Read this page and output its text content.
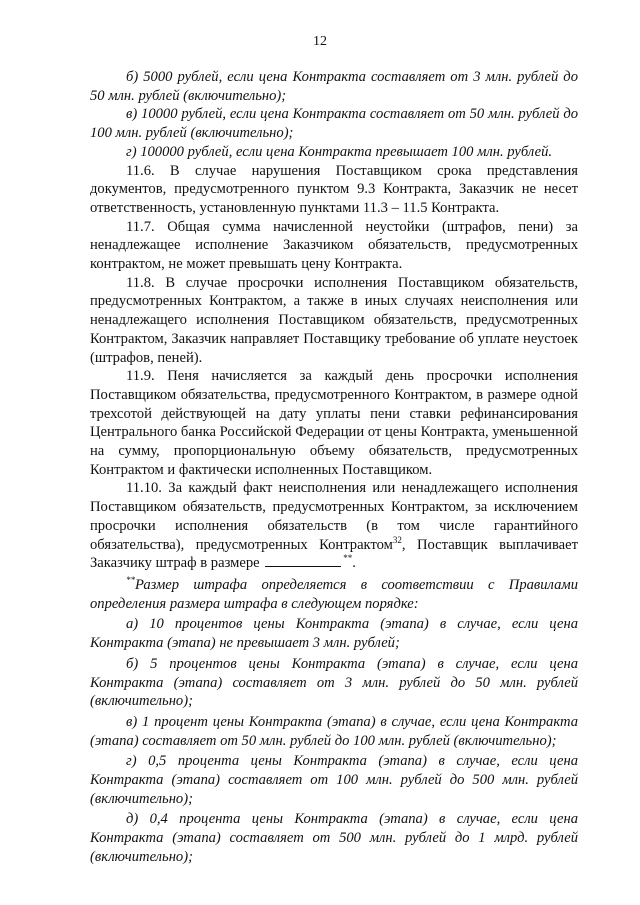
12

б) 5000 рублей, если цена Контракта составляет от 3 млн. рублей до 50 млн. рублей (включительно);

в) 10000 рублей, если цена Контракта составляет от 50 млн. рублей до 100 млн. рублей (включительно);

г) 100000 рублей, если цена Контракта превышает 100 млн. рублей.

11.6. В случае нарушения Поставщиком срока представления документов, предусмотренного пунктом 9.3 Контракта, Заказчик не несет ответственность, установленную пунктами 11.3 – 11.5 Контракта.

11.7. Общая сумма начисленной неустойки (штрафов, пени) за ненадлежащее исполнение Заказчиком обязательств, предусмотренных контрактом, не может превышать цену Контракта.

11.8. В случае просрочки исполнения Поставщиком обязательств, предусмотренных Контрактом, а также в иных случаях неисполнения или ненадлежащего исполнения Поставщиком обязательств, предусмотренных Контрактом, Заказчик направляет Поставщику требование об уплате неустоек (штрафов, пеней).

11.9. Пеня начисляется за каждый день просрочки исполнения Поставщиком обязательства, предусмотренного Контрактом, в размере одной трехсотой действующей на дату уплаты пени ставки рефинансирования Центрального банка Российской Федерации от цены Контракта, уменьшенной на сумму, пропорциональную объему обязательств, предусмотренных Контрактом и фактически исполненных Поставщиком.

11.10. За каждый факт неисполнения или ненадлежащего исполнения Поставщиком обязательств, предусмотренных Контрактом, за исключением просрочки исполнения обязательств (в том числе гарантийного обязательства), предусмотренных Контрактом$^{32}$, Поставщик выплачивает Заказчику штраф в размере	**.

**Размер штрафа определяется в соответствии с Правилами определения размера штрафа в следующем порядке:

а) 10 процентов цены Контракта (этапа) в случае, если цена Контракта (этапа) не превышает 3 млн. рублей;

б) 5 процентов цены Контракта (этапа) в случае, если цена Контракта (этапа) составляет от 3 млн. рублей до 50 млн. рублей (включительно);

в) 1 процент цены Контракта (этапа) в случае, если цена Контракта (этапа) составляет от 50 млн. рублей до 100 млн. рублей (включительно);

г) 0,5 процента цены Контракта (этапа) в случае, если цена Контракта (этапа) составляет от 100 млн. рублей до 500 млн. рублей (включительно);

д) 0,4 процента цены Контракта (этапа) в случае, если цена Контракта (этапа) составляет от 500 млн. рублей до 1 млрд. рублей (включительно);
